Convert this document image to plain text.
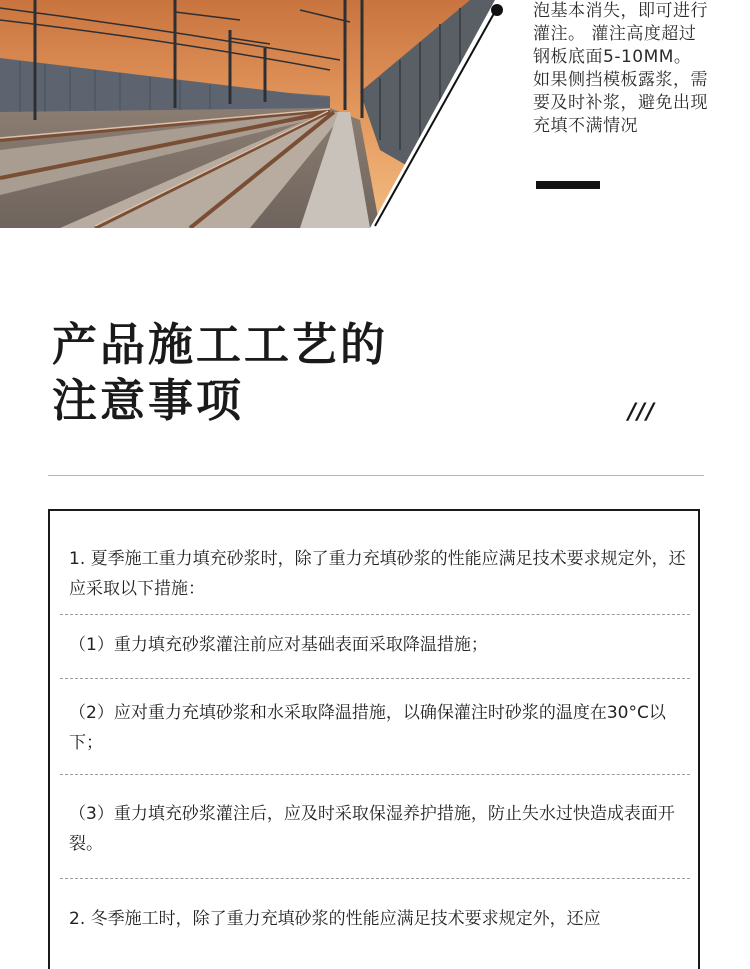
泡基本消失，即可进行

灌注。 灌注高度超过

钢板底面5-10MM。

如果侧挡模板露浆，需

要及时补浆，避免出现

充填不满情况

产品施工工艺的
注意事项	///

1. 夏季施工重力填充砂浆时，除了重力充填砂浆的性能应满足技术要求规定外，还应采取以下措施：

（1）重力填充砂浆灌注前应对基础表面采取降温措施；

（2）应对重力充填砂浆和水采取降温措施，以确保灌注时砂浆的温度在30°C以下；

（3）重力填充砂浆灌注后，应及时采取保湿养护措施，防止失水过快造成表面开裂。

2. 冬季施工时，除了重力充填砂浆的性能应满足技术要求规定外，还应
